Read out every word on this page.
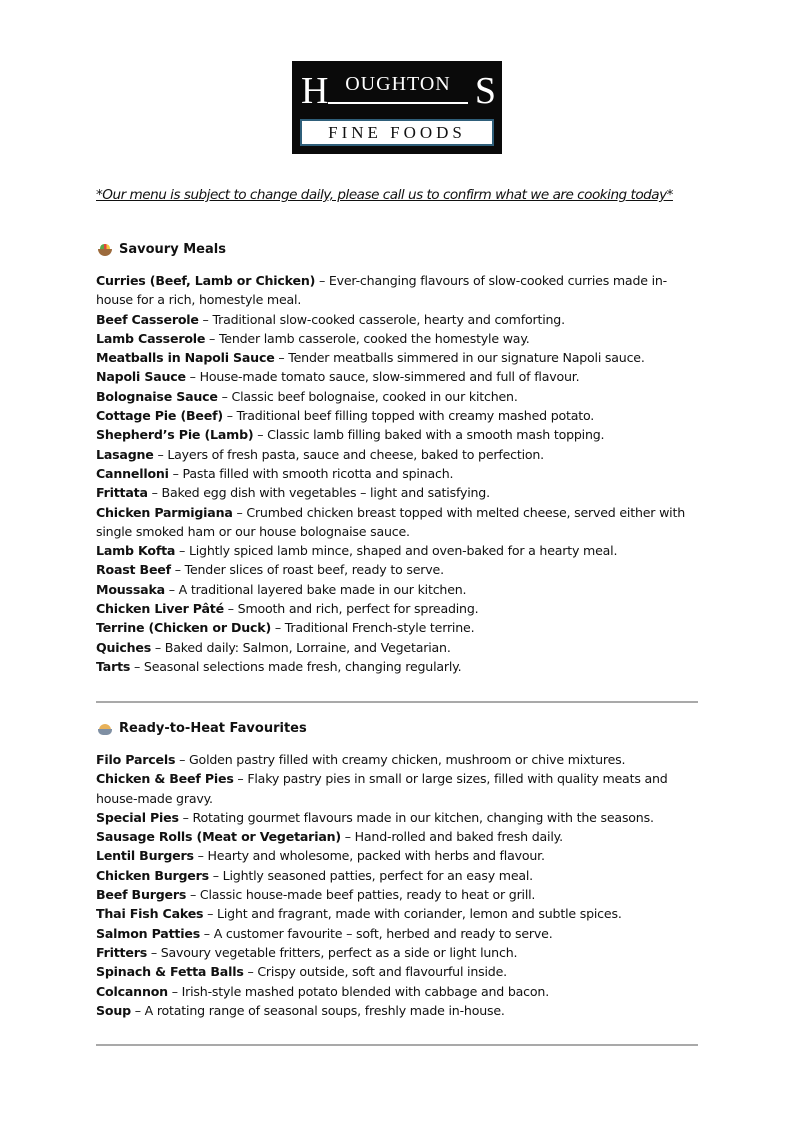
H OUGHTON S
FINE FOODS
*Our menu is subject to change daily, please call us to confirm what we are cooking today*
Savoury Meals
Curries (Beef, Lamb or Chicken) – Ever-changing flavours of slow-cooked curries made in-house for a rich, homestyle meal.
Beef Casserole – Traditional slow-cooked casserole, hearty and comforting.
Lamb Casserole – Tender lamb casserole, cooked the homestyle way.
Meatballs in Napoli Sauce – Tender meatballs simmered in our signature Napoli sauce.
Napoli Sauce – House-made tomato sauce, slow-simmered and full of flavour.
Bolognaise Sauce – Classic beef bolognaise, cooked in our kitchen.
Cottage Pie (Beef) – Traditional beef filling topped with creamy mashed potato.
Shepherd’s Pie (Lamb) – Classic lamb filling baked with a smooth mash topping.
Lasagne – Layers of fresh pasta, sauce and cheese, baked to perfection.
Cannelloni – Pasta filled with smooth ricotta and spinach.
Frittata – Baked egg dish with vegetables – light and satisfying.
Chicken Parmigiana – Crumbed chicken breast topped with melted cheese, served either with single smoked ham or our house bolognaise sauce.
Lamb Kofta – Lightly spiced lamb mince, shaped and oven-baked for a hearty meal.
Roast Beef – Tender slices of roast beef, ready to serve.
Moussaka – A traditional layered bake made in our kitchen.
Chicken Liver Pâté – Smooth and rich, perfect for spreading.
Terrine (Chicken or Duck) – Traditional French-style terrine.
Quiches – Baked daily: Salmon, Lorraine, and Vegetarian.
Tarts – Seasonal selections made fresh, changing regularly.
Ready-to-Heat Favourites
Filo Parcels – Golden pastry filled with creamy chicken, mushroom or chive mixtures.
Chicken & Beef Pies – Flaky pastry pies in small or large sizes, filled with quality meats and house-made gravy.
Special Pies – Rotating gourmet flavours made in our kitchen, changing with the seasons.
Sausage Rolls (Meat or Vegetarian) – Hand-rolled and baked fresh daily.
Lentil Burgers – Hearty and wholesome, packed with herbs and flavour.
Chicken Burgers – Lightly seasoned patties, perfect for an easy meal.
Beef Burgers – Classic house-made beef patties, ready to heat or grill.
Thai Fish Cakes – Light and fragrant, made with coriander, lemon and subtle spices.
Salmon Patties – A customer favourite – soft, herbed and ready to serve.
Fritters – Savoury vegetable fritters, perfect as a side or light lunch.
Spinach & Fetta Balls – Crispy outside, soft and flavourful inside.
Colcannon – Irish-style mashed potato blended with cabbage and bacon.
Soup – A rotating range of seasonal soups, freshly made in-house.
